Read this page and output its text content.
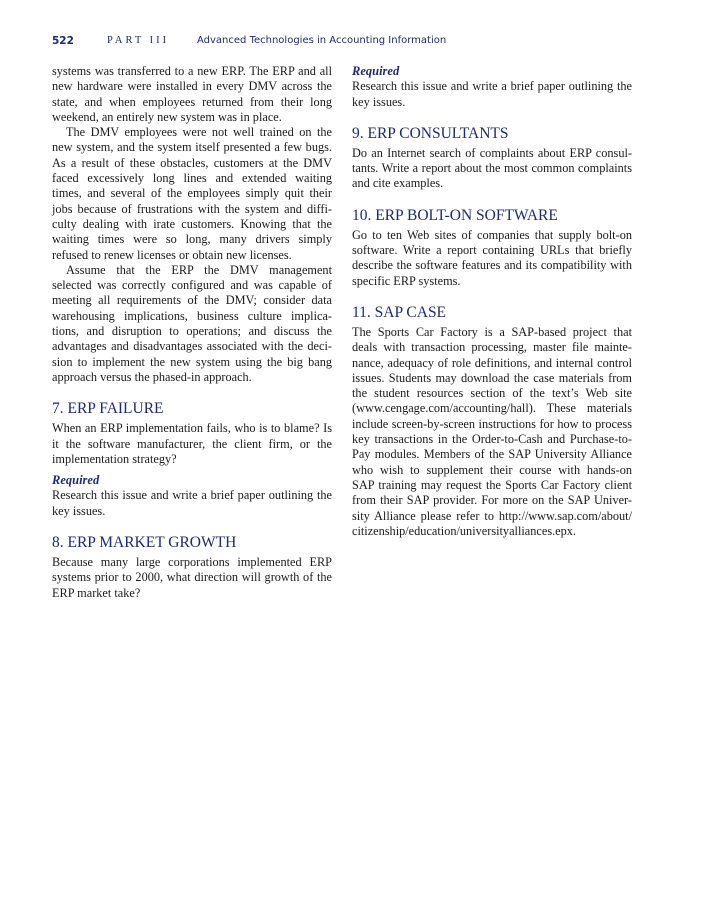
522	PART III	Advanced Technologies in Accounting Information
systems was transferred to a new ERP. The ERP and all
new hardware were installed in every DMV across the
state, and when employees returned from their long
weekend, an entirely new system was in place.
The DMV employees were not well trained on the
new system, and the system itself presented a few bugs.
As a result of these obstacles, customers at the DMV
faced excessively long lines and extended waiting
times, and several of the employees simply quit their
jobs because of frustrations with the system and diffi-
culty dealing with irate customers. Knowing that the
waiting times were so long, many drivers simply
refused to renew licenses or obtain new licenses.
Assume that the ERP the DMV management
selected was correctly configured and was capable of
meeting all requirements of the DMV; consider data
warehousing implications, business culture implica-
tions, and disruption to operations; and discuss the
advantages and disadvantages associated with the deci-
sion to implement the new system using the big bang
approach versus the phased-in approach.
7. ERP FAILURE
When an ERP implementation fails, who is to blame? Is
it the software manufacturer, the client firm, or the
implementation strategy?
Required
Research this issue and write a brief paper outlining the
key issues.
8. ERP MARKET GROWTH
Because many large corporations implemented ERP
systems prior to 2000, what direction will growth of the
ERP market take?
Required
Research this issue and write a brief paper outlining the
key issues.
9. ERP CONSULTANTS
Do an Internet search of complaints about ERP consul-
tants. Write a report about the most common complaints
and cite examples.
10. ERP BOLT-ON SOFTWARE
Go to ten Web sites of companies that supply bolt-on
software. Write a report containing URLs that briefly
describe the software features and its compatibility with
specific ERP systems.
11. SAP CASE
The Sports Car Factory is a SAP-based project that
deals with transaction processing, master file mainte-
nance, adequacy of role definitions, and internal control
issues. Students may download the case materials from
the student resources section of the text’s Web site
(www.cengage.com/accounting/hall). These materials
include screen-by-screen instructions for how to process
key transactions in the Order-to-Cash and Purchase-to-
Pay modules. Members of the SAP University Alliance
who wish to supplement their course with hands-on
SAP training may request the Sports Car Factory client
from their SAP provider. For more on the SAP Univer-
sity Alliance please refer to http://www.sap.com/about/
citizenship/education/universityalliances.epx.
